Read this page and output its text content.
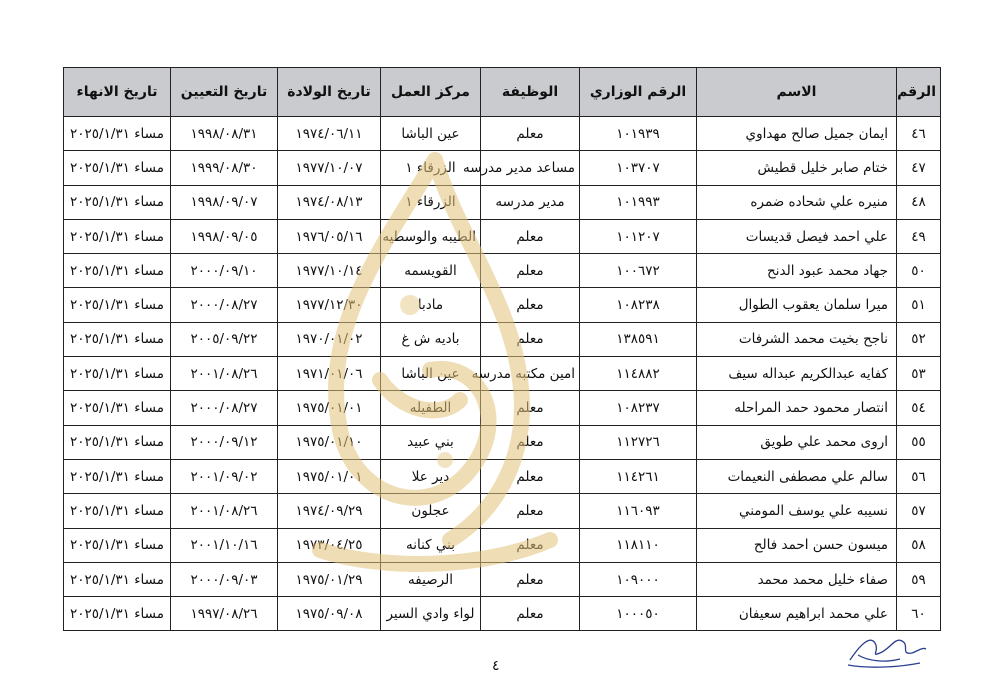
الرقم	الاسم	الرقم الوزاري	الوظيفة	مركز العمل	تاريخ الولادة	تاريخ التعيين	تاريخ الانهاء
٤٦	ايمان جميل صالح مهداوي	١٠١٩٣٩	معلم	عين الباشا	١٩٧٤/٠٦/١١	١٩٩٨/٠٨/٣١	مساء ٢٠٢٥/١/٣١
٤٧	ختام صابر خليل قطيش	١٠٣٧٠٧	مساعد مدير مدرسه	الزرقاء ١	١٩٧٧/١٠/٠٧	١٩٩٩/٠٨/٣٠	مساء ٢٠٢٥/١/٣١
٤٨	منيره علي شحاده ضمره	١٠١٩٩٣	مدير مدرسه	الزرقاء ١	١٩٧٤/٠٨/١٣	١٩٩٨/٠٩/٠٧	مساء ٢٠٢٥/١/٣١
٤٩	علي احمد فيصل قديسات	١٠١٢٠٧	معلم	الطيبه والوسطيه	١٩٧٦/٠٥/١٦	١٩٩٨/٠٩/٠٥	مساء ٢٠٢٥/١/٣١
٥٠	جهاد محمد عبود الدنح	١٠٠٦٧٢	معلم	القويسمه	١٩٧٧/١٠/١٤	٢٠٠٠/٠٩/١٠	مساء ٢٠٢٥/١/٣١
٥١	ميرا سلمان يعقوب الطوال	١٠٨٢٣٨	معلم	مادبا	١٩٧٧/١٢/٣٠	٢٠٠٠/٠٨/٢٧	مساء ٢٠٢٥/١/٣١
٥٢	ناجح بخيت محمد الشرفات	١٣٨٥٩١	معلم	باديه ش غ	١٩٧٠/٠١/٠٢	٢٠٠٥/٠٩/٢٢	مساء ٢٠٢٥/١/٣١
٥٣	كفايه عبدالكريم عبداله سيف	١١٤٨٨٢	امين مكتبه مدرسه	عين الباشا	١٩٧١/٠١/٠٦	٢٠٠١/٠٨/٢٦	مساء ٢٠٢٥/١/٣١
٥٤	انتصار محمود حمد المراحله	١٠٨٢٣٧	معلم	الطفيله	١٩٧٥/٠١/٠١	٢٠٠٠/٠٨/٢٧	مساء ٢٠٢٥/١/٣١
٥٥	اروى محمد علي طويق	١١٢٧٢٦	معلم	بني عبيد	١٩٧٥/٠١/١٠	٢٠٠٠/٠٩/١٢	مساء ٢٠٢٥/١/٣١
٥٦	سالم علي مصطفى النعيمات	١١٤٢٦١	معلم	دير علا	١٩٧٥/٠١/٠١	٢٠٠١/٠٩/٠٢	مساء ٢٠٢٥/١/٣١
٥٧	نسيبه علي يوسف المومني	١١٦٠٩٣	معلم	عجلون	١٩٧٤/٠٩/٢٩	٢٠٠١/٠٨/٢٦	مساء ٢٠٢٥/١/٣١
٥٨	ميسون حسن احمد فالح	١١٨١١٠	معلم	بني كنانه	١٩٧٣/٠٤/٢٥	٢٠٠١/١٠/١٦	مساء ٢٠٢٥/١/٣١
٥٩	صفاء خليل محمد محمد	١٠٩٠٠٠	معلم	الرصيفه	١٩٧٥/٠١/٢٩	٢٠٠٠/٠٩/٠٣	مساء ٢٠٢٥/١/٣١
٦٠	علي محمد ابراهيم سعيفان	١٠٠٠٥٠	معلم	لواء وادي السير	١٩٧٥/٠٩/٠٨	١٩٩٧/٠٨/٢٦	مساء ٢٠٢٥/١/٣١
٤
